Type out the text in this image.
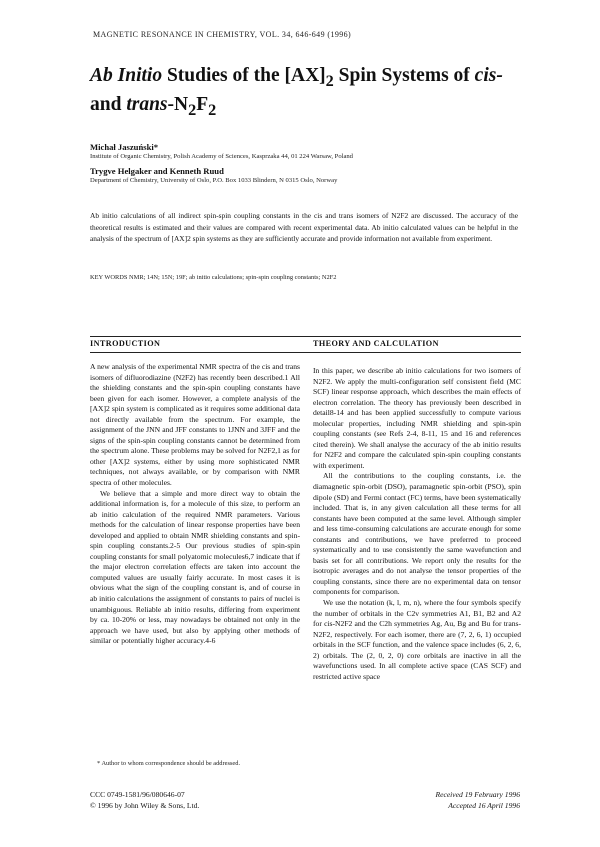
MAGNETIC RESONANCE IN CHEMISTRY, VOL. 34, 646-649 (1996)
Ab Initio Studies of the $[AX]_2$ Spin Systems of cis-
and trans-$N_2F_2$

Michał Jaszuński*

Institute of Organic Chemistry, Polish Academy of Sciences, Kasprzaka 44, 01 224 Warsaw, Poland

Trygve Helgaker and Kenneth Ruud

Department of Chemistry, University of Oslo, P.O. Box 1033 Blindern, N 0315 Oslo, Norway

Ab initio calculations of all indirect spin-spin coupling constants in the cis and trans isomers of N2F2 are discussed. The accuracy of the theoretical results is estimated and their values are compared with recent experimental data. Ab initio calculated values can be helpful in the analysis of the spectrum of [AX]2 spin systems as they are sufficiently accurate and provide information not available from experiment.

KEY WORDS NMR; 14N; 15N; 19F; ab initio calculations; spin-spin coupling constants; N2F2

INTRODUCTION	THEORY AND CALCULATION

A new analysis of the experimental NMR spectra of the cis and trans isomers of difluorodiazine (N2F2) has recently been described.1 All the shielding constants and the spin-spin coupling constants have been given for each isomer. However, a complete analysis of the [AX]2 spin system is complicated as it requires some additional data not directly available from the spectrum. For example, the assignment of the JNN and JFF constants to 1JNN and 3JFF and the signs of the spin-spin coupling constants cannot be determined from the spectrum alone. These problems may be solved for N2F2,1 as for other [AX]2 systems, either by using more sophisticated NMR techniques, not always available, or by comparison with NMR spectra of other molecules.

We believe that a simple and more direct way to obtain the additional information is, for a molecule of this size, to perform an ab initio calculation of the required NMR parameters. Various methods for the calculation of linear response properties have been developed and applied to obtain NMR shielding constants and spin-spin coupling constants.2-5 Our previous studies of spin-spin coupling constants for small polyatomic molecules6,7 indicate that if the major electron correlation effects are taken into account the computed values are usually fairly accurate. In most cases it is obvious what the sign of the coupling constant is, and of course in ab initio calculations the assignment of constants to pairs of nuclei is unambiguous. Reliable ab initio results, differing from experiment by ca. 10-20% or less, may nowadays be obtained not only in the approach we have used, but also by applying other methods of similar or potentially higher accuracy.4-6

In this paper, we describe ab initio calculations for two isomers of N2F2. We apply the multi-configuration self consistent field (MC SCF) linear response approach, which describes the main effects of electron correlation. The theory has previously been described in detail8-14 and has been applied successfully to compute various molecular properties, including NMR shielding and spin-spin coupling constants (see Refs 2-4, 8-11, 15 and 16 and references cited therein). We shall analyse the accuracy of the ab initio results for N2F2 and compare the calculated spin-spin coupling constants with experiment.

All the contributions to the coupling constants, i.e. the diamagnetic spin-orbit (DSO), paramagnetic spin-orbit (PSO), spin dipole (SD) and Fermi contact (FC) terms, have been systematically included. That is, in any given calculation all these terms for all constants have been computed at the same level. Although simpler and less time-consuming calculations are accurate enough for some constants and contributions, we have preferred to proceed systematically and to use consistently the same wavefunction and basis set for all contributions. We report only the results for the isotropic averages and do not analyse the tensor properties of the coupling constants, since there are no experimental data on tensor components for comparison.

We use the notation (k, l, m, n), where the four symbols specify the number of orbitals in the C2v symmetries A1, B1, B2 and A2 for cis-N2F2 and the C2h symmetries Ag, Au, Bg and Bu for trans-N2F2, respectively. For each isomer, there are (7, 2, 6, 1) occupied orbitals in the SCF function, and the valence space includes (6, 2, 6, 2) orbitals. The (2, 0, 2, 0) core orbitals are inactive in all the wavefunctions used. In all complete active space (CAS SCF) and restricted active space

* Author to whom correspondence should be addressed.

CCC 0749-1581/96/080646-07
© 1996 by John Wiley & Sons, Ltd.
Received 19 February 1996
Accepted 16 April 1996
